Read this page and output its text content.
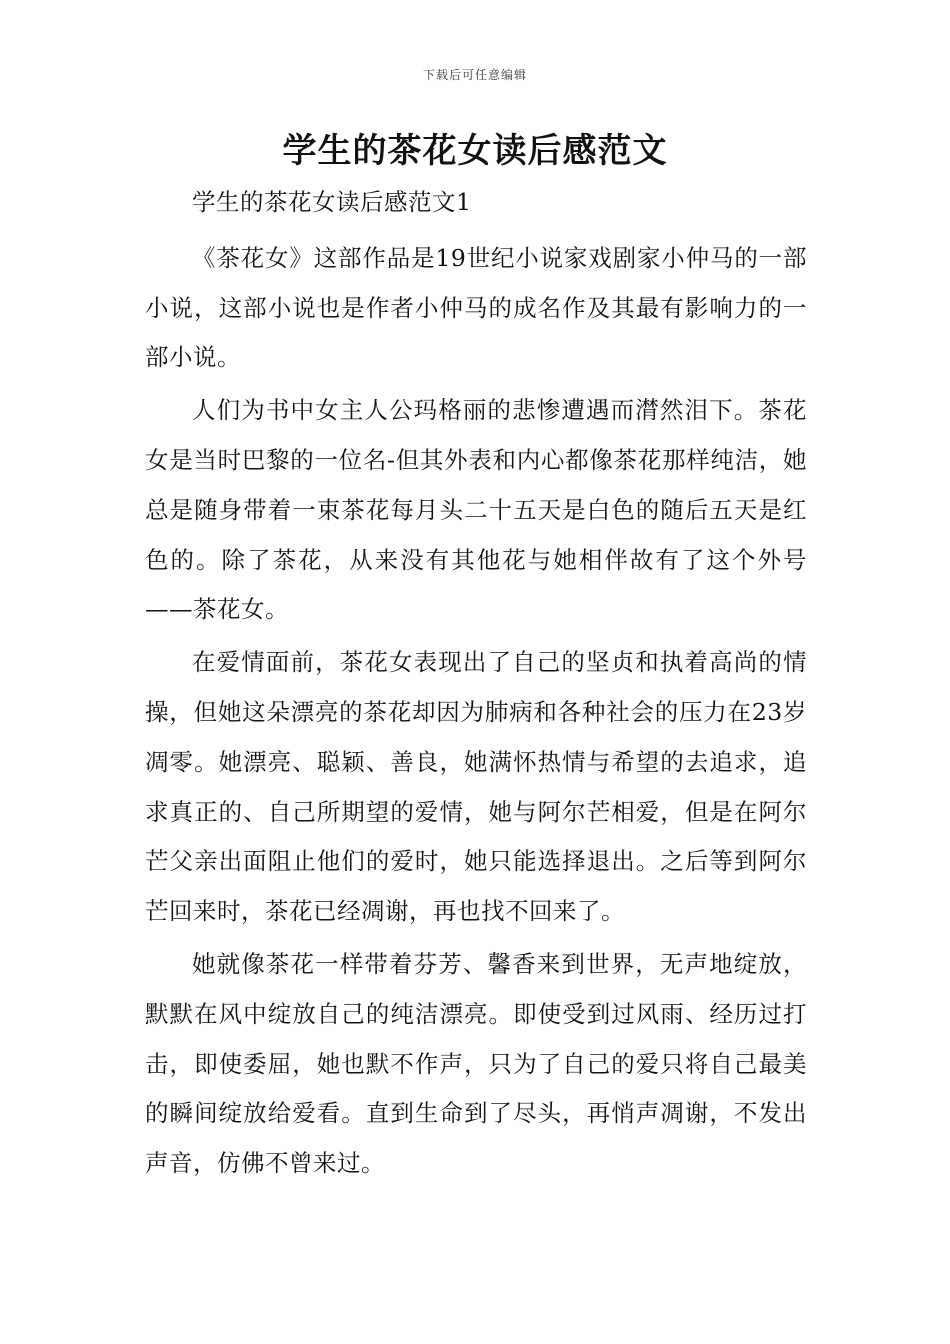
下载后可任意编辑
学生的茶花女读后感范文

学生的茶花女读后感范文1

《茶花女》这部作品是19世纪小说家戏剧家小仲马的一部小说，这部小说也是作者小仲马的成名作及其最有影响力的一部小说。

人们为书中女主人公玛格丽的悲惨遭遇而潸然泪下。茶花女是当时巴黎的一位名-但其外表和内心都像茶花那样纯洁，她总是随身带着一束茶花每月头二十五天是白色的随后五天是红色的。除了茶花，从来没有其他花与她相伴故有了这个外号——茶花女。

在爱情面前，茶花女表现出了自己的坚贞和执着高尚的情操，但她这朵漂亮的茶花却因为肺病和各种社会的压力在23岁凋零。她漂亮、聪颖、善良，她满怀热情与希望的去追求，追求真正的、自己所期望的爱情，她与阿尔芒相爱，但是在阿尔芒父亲出面阻止他们的爱时，她只能选择退出。之后等到阿尔芒回来时，茶花已经凋谢，再也找不回来了。

她就像茶花一样带着芬芳、馨香来到世界，无声地绽放，默默在风中绽放自己的纯洁漂亮。即使受到过风雨、经历过打击，即使委屈，她也默不作声，只为了自己的爱只将自己最美的瞬间绽放给爱看。直到生命到了尽头，再悄声凋谢，不发出声音，仿佛不曾来过。
